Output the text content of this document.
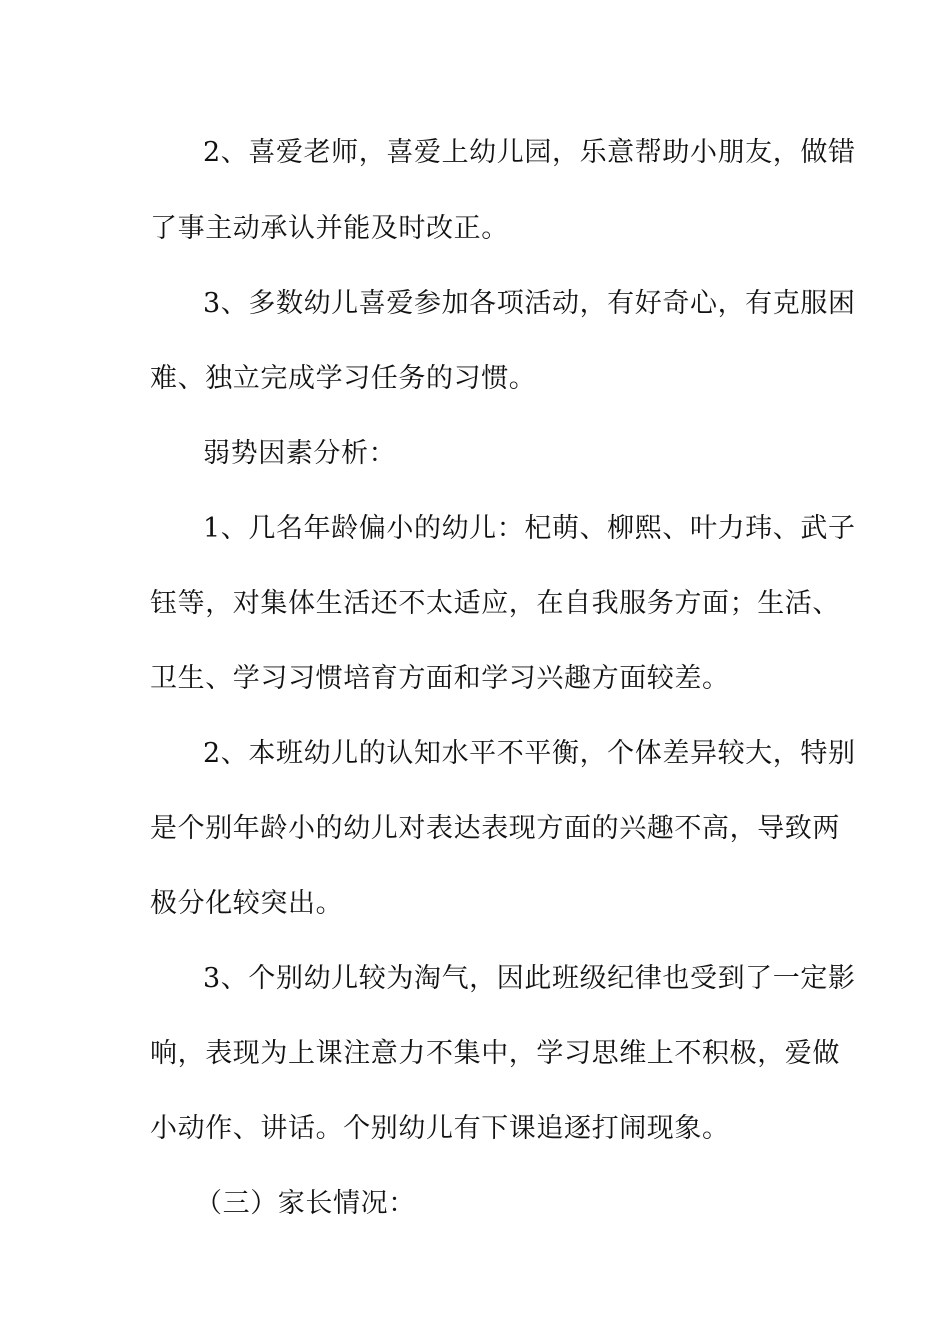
2、喜爱老师，喜爱上幼儿园，乐意帮助小朋友，做错
了事主动承认并能及时改正。
3、多数幼儿喜爱参加各项活动，有好奇心，有克服困
难、独立完成学习任务的习惯。
弱势因素分析：
1、几名年龄偏小的幼儿：杞萌、柳熙、叶力玮、武子
钰等，对集体生活还不太适应，在自我服务方面；生活、
卫生、学习习惯培育方面和学习兴趣方面较差。
2、本班幼儿的认知水平不平衡，个体差异较大，特别
是个别年龄小的幼儿对表达表现方面的兴趣不高，导致两
极分化较突出。
3、个别幼儿较为淘气，因此班级纪律也受到了一定影
响，表现为上课注意力不集中，学习思维上不积极，爱做
小动作、讲话。个别幼儿有下课追逐打闹现象。
（三）家长情况：
